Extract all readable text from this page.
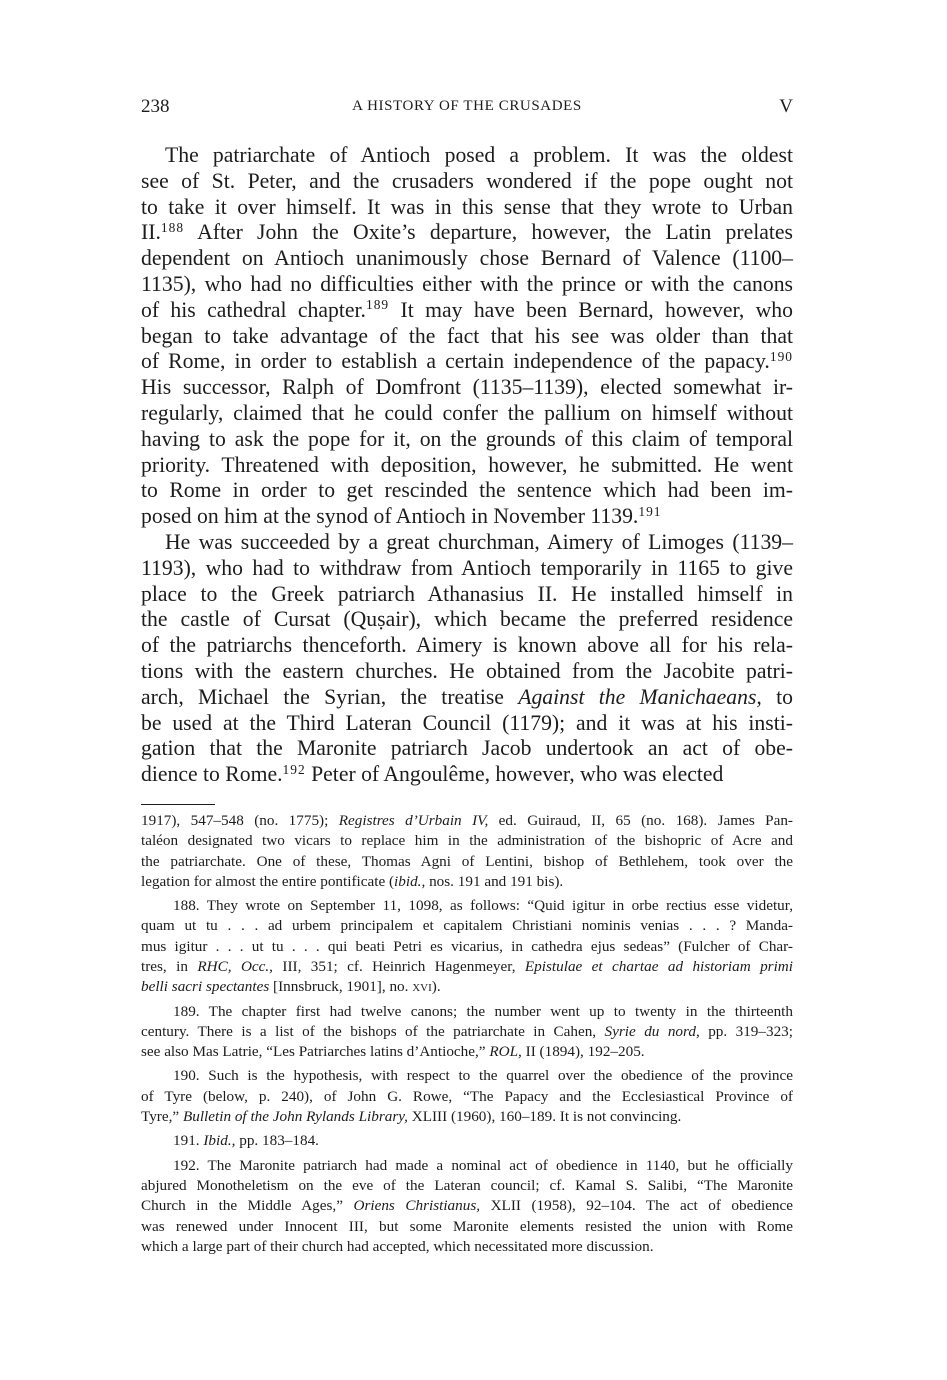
238	A HISTORY OF THE CRUSADES	V
The patriarchate of Antioch posed a problem. It was the oldest
see of St. Peter, and the crusaders wondered if the pope ought not
to take it over himself. It was in this sense that they wrote to Urban
II.$^{188}$ After John the Oxite’s departure, however, the Latin prelates
dependent on Antioch unanimously chose Bernard of Valence (1100–
1135), who had no difficulties either with the prince or with the canons
of his cathedral chapter.$^{189}$ It may have been Bernard, however, who
began to take advantage of the fact that his see was older than that
of Rome, in order to establish a certain independence of the papacy.$^{190}$
His successor, Ralph of Domfront (1135–1139), elected somewhat ir-
regularly, claimed that he could confer the pallium on himself without
having to ask the pope for it, on the grounds of this claim of temporal
priority. Threatened with deposition, however, he submitted. He went
to Rome in order to get rescinded the sentence which had been im-
posed on him at the synod of Antioch in November 1139.$^{191}$
He was succeeded by a great churchman, Aimery of Limoges (1139–
1193), who had to withdraw from Antioch temporarily in 1165 to give
place to the Greek patriarch Athanasius II. He installed himself in
the castle of Cursat (Quṣair), which became the preferred residence
of the patriarchs thenceforth. Aimery is known above all for his rela-
tions with the eastern churches. He obtained from the Jacobite patri-
arch, Michael the Syrian, the treatise Against the Manichaeans, to
be used at the Third Lateran Council (1179); and it was at his insti-
gation that the Maronite patriarch Jacob undertook an act of obe-
dience to Rome.$^{192}$ Peter of Angoulême, however, who was elected
1917), 547–548 (no. 1775); Registres d’Urbain IV, ed. Guiraud, II, 65 (no. 168). James Pan-
taléon designated two vicars to replace him in the administration of the bishopric of Acre and
the patriarchate. One of these, Thomas Agni of Lentini, bishop of Bethlehem, took over the
legation for almost the entire pontificate (ibid., nos. 191 and 191 bis).
188. They wrote on September 11, 1098, as follows: “Quid igitur in orbe rectius esse videtur,
quam ut tu . . . ad urbem principalem et capitalem Christiani nominis venias . . . ? Manda-
mus igitur . . . ut tu . . . qui beati Petri es vicarius, in cathedra ejus sedeas” (Fulcher of Char-
tres, in RHC, Occ., III, 351; cf. Heinrich Hagenmeyer, Epistulae et chartae ad historiam primi
belli sacri spectantes [Innsbruck, 1901], no. xvi).
189. The chapter first had twelve canons; the number went up to twenty in the thirteenth
century. There is a list of the bishops of the patriarchate in Cahen, Syrie du nord, pp. 319–323;
see also Mas Latrie, “Les Patriarches latins d’Antioche,” ROL, II (1894), 192–205.
190. Such is the hypothesis, with respect to the quarrel over the obedience of the province
of Tyre (below, p. 240), of John G. Rowe, “The Papacy and the Ecclesiastical Province of
Tyre,” Bulletin of the John Rylands Library, XLIII (1960), 160–189. It is not convincing.
191. Ibid., pp. 183–184.
192. The Maronite patriarch had made a nominal act of obedience in 1140, but he officially
abjured Monotheletism on the eve of the Lateran council; cf. Kamal S. Salibi, “The Maronite
Church in the Middle Ages,” Oriens Christianus, XLII (1958), 92–104. The act of obedience
was renewed under Innocent III, but some Maronite elements resisted the union with Rome
which a large part of their church had accepted, which necessitated more discussion.
